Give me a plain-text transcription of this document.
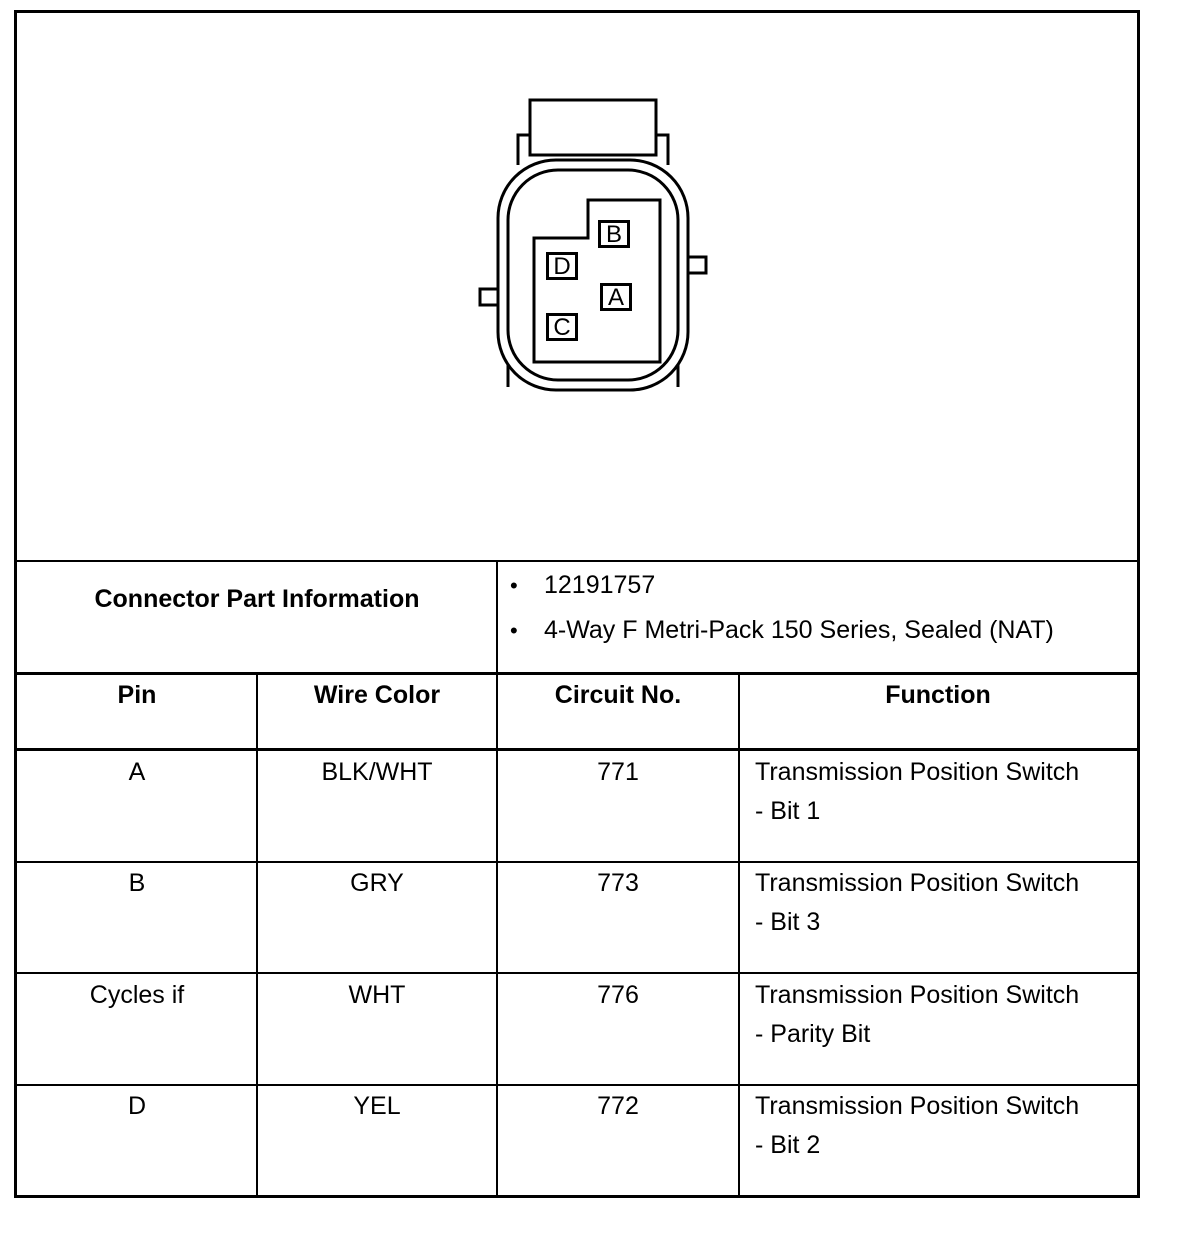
B
D
A
C
Connector Part Information	• 12191757
• 4-Way F Metri-Pack 150 Series, Sealed (NAT)
Pin	Wire Color	Circuit No.	Function
A	BLK/WHT	771	Transmission Position Switch
- Bit 1
B	GRY	773	Transmission Position Switch
- Bit 3
Cycles if	WHT	776	Transmission Position Switch
- Parity Bit
D	YEL	772	Transmission Position Switch
- Bit 2
